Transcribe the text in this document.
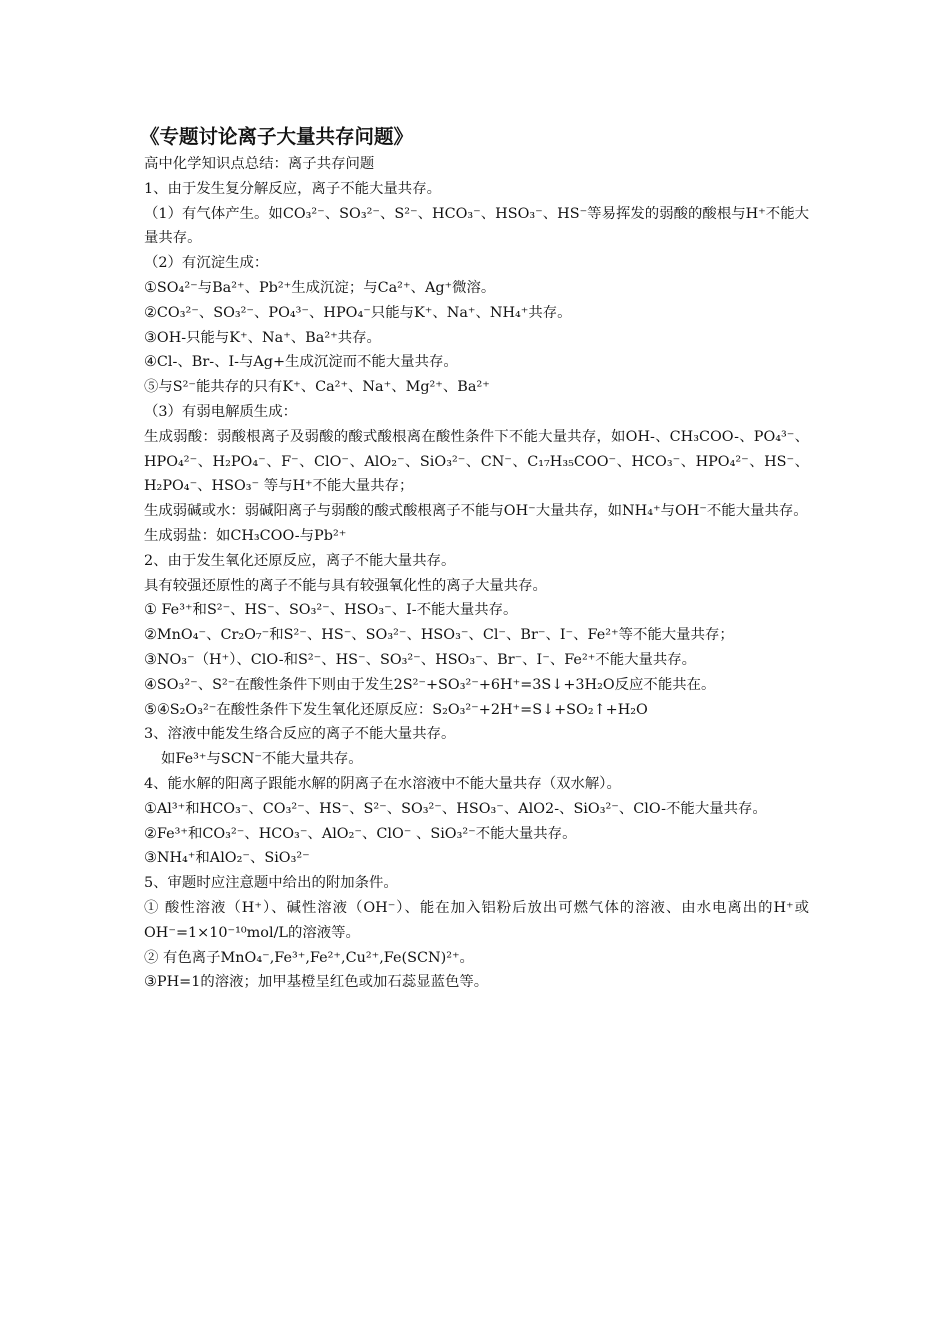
《专题讨论离子大量共存问题》
高中化学知识点总结：离子共存问题
1、由于发生复分解反应，离子不能大量共存。
（1）有气体产生。如CO₃²⁻、SO₃²⁻、S²⁻、HCO₃⁻、HSO₃⁻、HS⁻等易挥发的弱酸的酸根与H⁺不能大量共存。
（2）有沉淀生成：
①SO₄²⁻与Ba²⁺、Pb²⁺生成沉淀；与Ca²⁺、Ag⁺微溶。
②CO₃²⁻、SO₃²⁻、PO₄³⁻、HPO₄⁻只能与K⁺、Na⁺、NH₄⁺共存。
③OH-只能与K⁺、Na⁺、Ba²⁺共存。
④Cl-、Br-、I-与Ag+生成沉淀而不能大量共存。
⑤与S²⁻能共存的只有K⁺、Ca²⁺、Na⁺、Mg²⁺、Ba²⁺
（3）有弱电解质生成：
生成弱酸：弱酸根离子及弱酸的酸式酸根离在酸性条件下不能大量共存，如OH-、CH₃COO-、PO₄³⁻、HPO₄²⁻、H₂PO₄⁻、F⁻、ClO⁻、AlO₂⁻、SiO₃²⁻、CN⁻、C₁₇H₃₅COO⁻、HCO₃⁻、HPO₄²⁻、HS⁻、H₂PO₄⁻、HSO₃⁻ 等与H⁺不能大量共存；
生成弱碱或水：弱碱阳离子与弱酸的酸式酸根离子不能与OH⁻大量共存，如NH₄⁺与OH⁻不能大量共存。
生成弱盐：如CH₃COO-与Pb²⁺
2、由于发生氧化还原反应，离子不能大量共存。
具有较强还原性的离子不能与具有较强氧化性的离子大量共存。
① Fe³⁺和S²⁻、HS⁻、SO₃²⁻、HSO₃⁻、I-不能大量共存。
②MnO₄⁻、Cr₂O₇⁻和S²⁻、HS⁻、SO₃²⁻、HSO₃⁻、Cl⁻、Br⁻、I⁻、Fe²⁺等不能大量共存；
③NO₃⁻（H⁺）、ClO-和S²⁻、HS⁻、SO₃²⁻、HSO₃⁻、Br⁻、I⁻、Fe²⁺不能大量共存。
④SO₃²⁻、S²⁻在酸性条件下则由于发生2S²⁻+SO₃²⁻+6H⁺=3S↓+3H₂O反应不能共在。
⑤④S₂O₃²⁻在酸性条件下发生氧化还原反应：S₂O₃²⁻+2H⁺=S↓+SO₂↑+H₂O
3、溶液中能发生络合反应的离子不能大量共存。
如Fe³⁺与SCN⁻不能大量共存。
4、能水解的阳离子跟能水解的阴离子在水溶液中不能大量共存（双水解）。
①Al³⁺和HCO₃⁻、CO₃²⁻、HS⁻、S²⁻、SO₃²⁻、HSO₃⁻、AlO2-、SiO₃²⁻、ClO-不能大量共存。
②Fe³⁺和CO₃²⁻、HCO₃⁻、AlO₂⁻、ClO⁻ 、SiO₃²⁻不能大量共存。
③NH₄⁺和AlO₂⁻、SiO₃²⁻
5、审题时应注意题中给出的附加条件。
① 酸性溶液（H⁺）、碱性溶液（OH⁻）、能在加入铝粉后放出可燃气体的溶液、由水电离出的H⁺或OH⁻=1×10⁻¹⁰mol/L的溶液等。
② 有色离子MnO₄⁻,Fe³⁺,Fe²⁺,Cu²⁺,Fe(SCN)²⁺。
③PH=1的溶液；加甲基橙呈红色或加石蕊显蓝色等。
